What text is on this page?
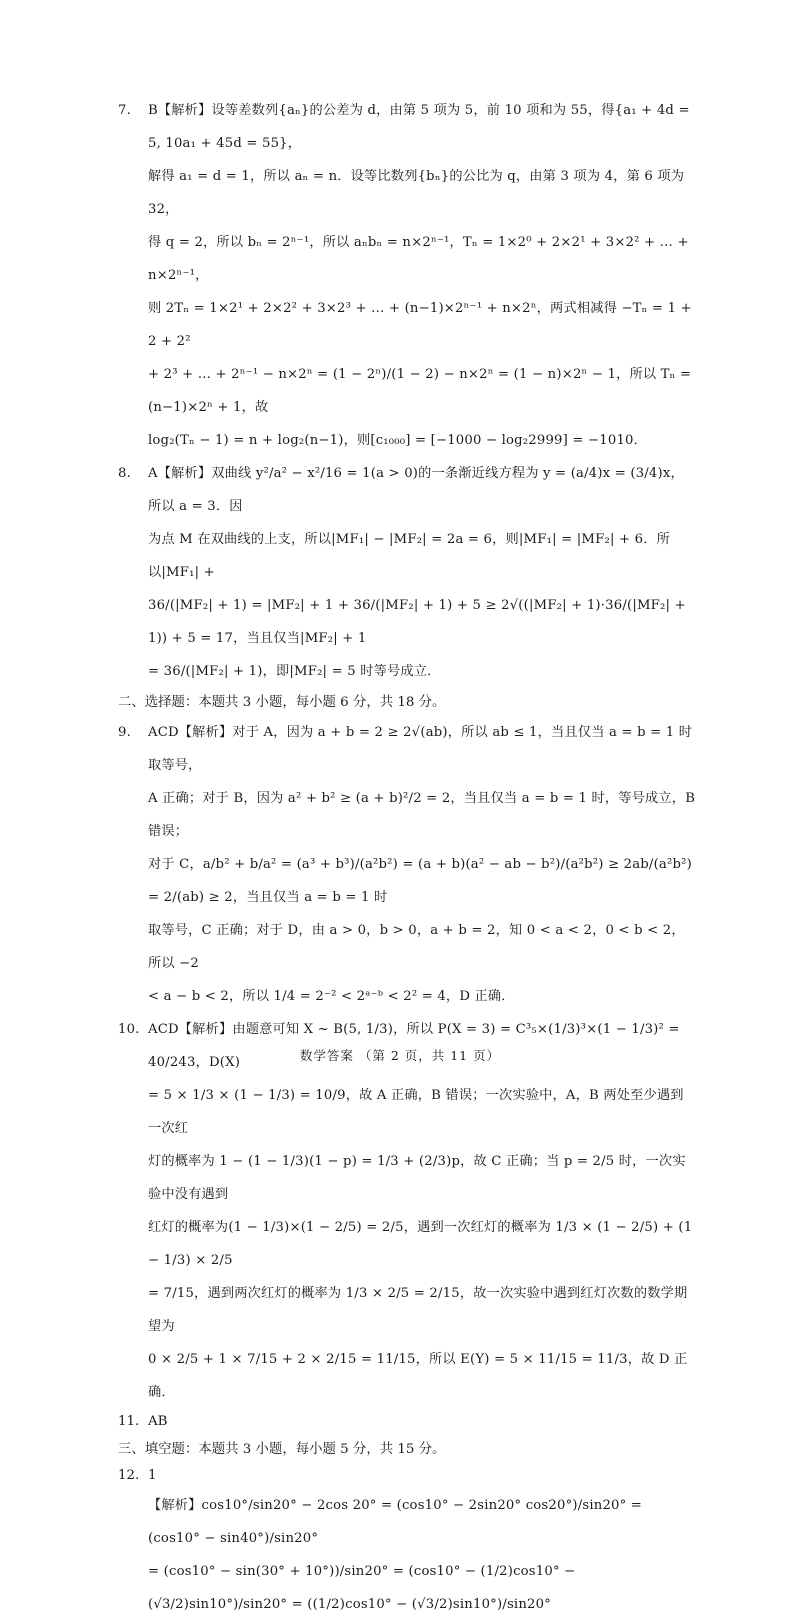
7.	B【解析】设等差数列{aₙ}的公差为 d，由第 5 项为 5，前 10 项和为 55，得{a₁ + 4d = 5, 10a₁ + 45d = 55}，

解得 a₁ = d = 1，所以 aₙ = n．设等比数列{bₙ}的公比为 q，由第 3 项为 4，第 6 项为 32，

得 q = 2，所以 bₙ = 2ⁿ⁻¹，所以 aₙbₙ = n×2ⁿ⁻¹，Tₙ = 1×2⁰ + 2×2¹ + 3×2² + … + n×2ⁿ⁻¹，

则 2Tₙ = 1×2¹ + 2×2² + 3×2³ + … + (n−1)×2ⁿ⁻¹ + n×2ⁿ，两式相减得 −Tₙ = 1 + 2 + 2²

+ 2³ + … + 2ⁿ⁻¹ − n×2ⁿ = (1 − 2ⁿ)/(1 − 2) − n×2ⁿ = (1 − n)×2ⁿ − 1，所以 Tₙ = (n−1)×2ⁿ + 1，故

log₂(Tₙ − 1) = n + log₂(n−1)，则[c₁₀₀₀] = [−1000 − log₂2999] = −1010．

8.	A【解析】双曲线 y²/a² − x²/16 = 1(a > 0)的一条渐近线方程为 y = (a/4)x = (3/4)x，所以 a = 3．因

为点 M 在双曲线的上支，所以|MF₁| − |MF₂| = 2a = 6，则|MF₁| = |MF₂| + 6．所以|MF₁| +

36/(|MF₂| + 1) = |MF₂| + 1 + 36/(|MF₂| + 1) + 5 ≥ 2√((|MF₂| + 1)·36/(|MF₂| + 1)) + 5 = 17，当且仅当|MF₂| + 1

= 36/(|MF₂| + 1)，即|MF₂| = 5 时等号成立．

二、选择题：本题共 3 小题，每小题 6 分，共 18 分。

9.	ACD【解析】对于 A，因为 a + b = 2 ≥ 2√(ab)，所以 ab ≤ 1，当且仅当 a = b = 1 时取等号，

A 正确；对于 B，因为 a² + b² ≥ (a + b)²/2 = 2，当且仅当 a = b = 1 时，等号成立，B 错误；

对于 C，a/b² + b/a² = (a³ + b³)/(a²b²) = (a + b)(a² − ab − b²)/(a²b²) ≥ 2ab/(a²b²) = 2/(ab) ≥ 2，当且仅当 a = b = 1 时

取等号，C 正确；对于 D，由 a > 0，b > 0，a + b = 2，知 0 < a < 2，0 < b < 2，所以 −2

< a − b < 2，所以 1/4 = 2⁻² < 2ᵃ⁻ᵇ < 2² = 4，D 正确．

10. ACD【解析】由题意可知 X ~ B(5, 1/3)，所以 P(X = 3) = C³₅×(1/3)³×(1 − 1/3)² = 40/243，D(X)

= 5 × 1/3 × (1 − 1/3) = 10/9，故 A 正确，B 错误；一次实验中，A，B 两处至少遇到一次红

灯的概率为 1 − (1 − 1/3)(1 − p) = 1/3 + (2/3)p，故 C 正确；当 p = 2/5 时，一次实验中没有遇到

红灯的概率为(1 − 1/3)×(1 − 2/5) = 2/5，遇到一次红灯的概率为 1/3 × (1 − 2/5) + (1 − 1/3) × 2/5

= 7/15，遇到两次红灯的概率为 1/3 × 2/5 = 2/15，故一次实验中遇到红灯次数的数学期望为

0 × 2/5 + 1 × 7/15 + 2 × 2/15 = 11/15，所以 E(Y) = 5 × 11/15 = 11/3，故 D 正确．

11. AB

三、填空题：本题共 3 小题，每小题 5 分，共 15 分。

12. 1

【解析】cos10°/sin20° − 2cos 20° = (cos10° − 2sin20° cos20°)/sin20° = (cos10° − sin40°)/sin20°

= (cos10° − sin(30° + 10°))/sin20° = (cos10° − (1/2)cos10° − (√3/2)sin10°)/sin20° = ((1/2)cos10° − (√3/2)sin10°)/sin20°

数学答案 （第 2 页，共 11 页）
